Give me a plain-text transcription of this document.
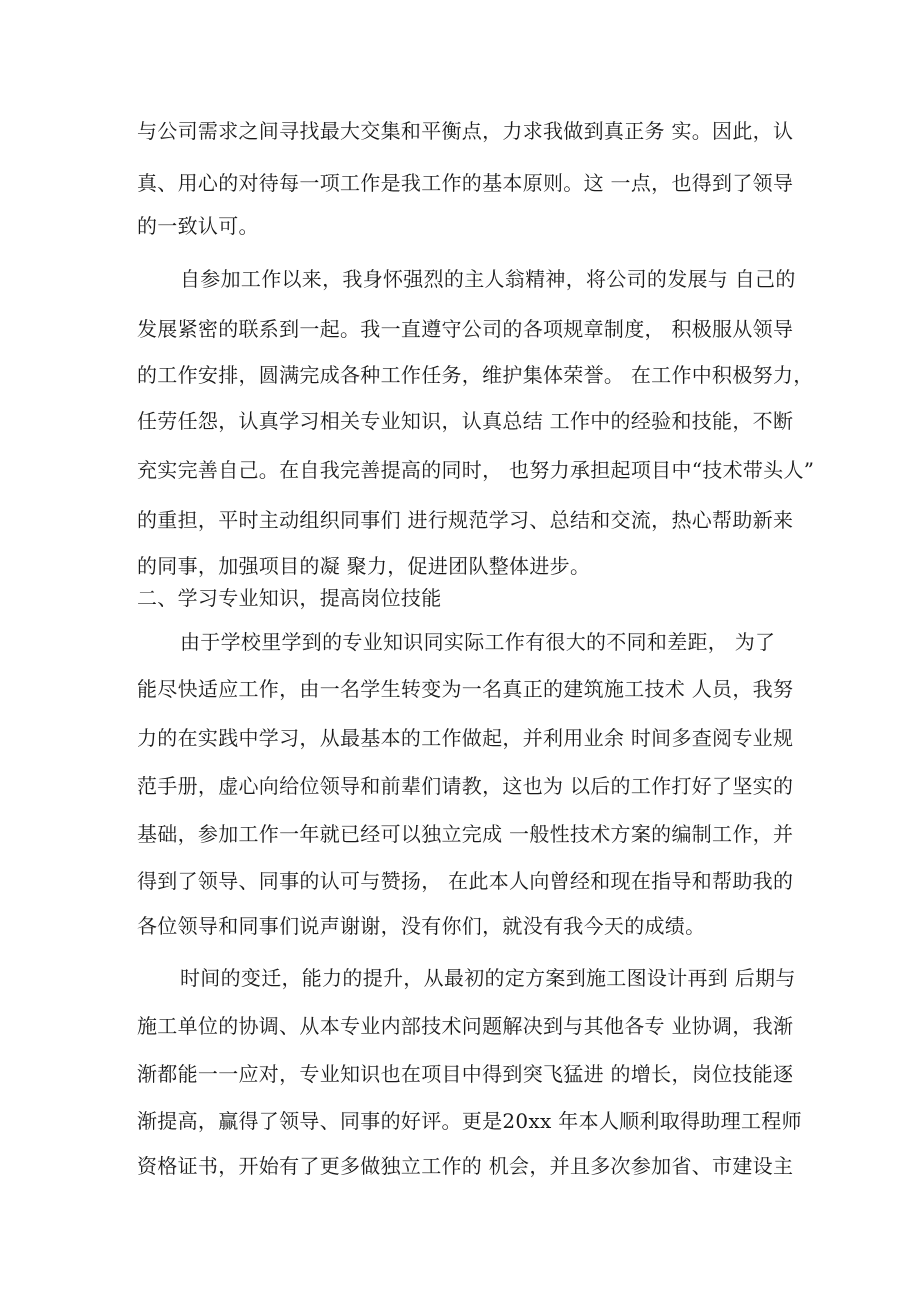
与公司需求之间寻找最大交集和平衡点，力求我做到真正务 实。因此，认
真、用心的对待每一项工作是我工作的基本原则。这 一点，也得到了领导
的一致认可。
自参加工作以来，我身怀强烈的主人翁精神，将公司的发展与 自己的
发展紧密的联系到一起。我一直遵守公司的各项规章制度， 积极服从领导
的工作安排，圆满完成各种工作任务，维护集体荣誉。 在工作中积极努力，
任劳任怨，认真学习相关专业知识，认真总结 工作中的经验和技能，不断
充实完善自己。在自我完善提高的同时， 也努力承担起项目中“技术带头人”
的重担，平时主动组织同事们 进行规范学习、总结和交流，热心帮助新来
的同事，加强项目的凝 聚力，促进团队整体进步。
二、学习专业知识，提高岗位技能
由于学校里学到的专业知识同实际工作有很大的不同和差距， 为了
能尽快适应工作，由一名学生转变为一名真正的建筑施工技术 人员，我努
力的在实践中学习，从最基本的工作做起，并利用业余 时间多查阅专业规
范手册，虚心向给位领导和前辈们请教，这也为 以后的工作打好了坚实的
基础，参加工作一年就已经可以独立完成 一般性技术方案的编制工作，并
得到了领导、同事的认可与赞扬， 在此本人向曾经和现在指导和帮助我的
各位领导和同事们说声谢谢，没有你们，就没有我今天的成绩。
时间的变迁，能力的提升，从最初的定方案到施工图设计再到 后期与
施工单位的协调、从本专业内部技术问题解决到与其他各专 业协调，我渐
渐都能一一应对，专业知识也在项目中得到突飞猛进 的增长，岗位技能逐
渐提高，赢得了领导、同事的好评。更是20xx 年本人顺利取得助理工程师
资格证书，开始有了更多做独立工作的 机会，并且多次参加省、市建设主
